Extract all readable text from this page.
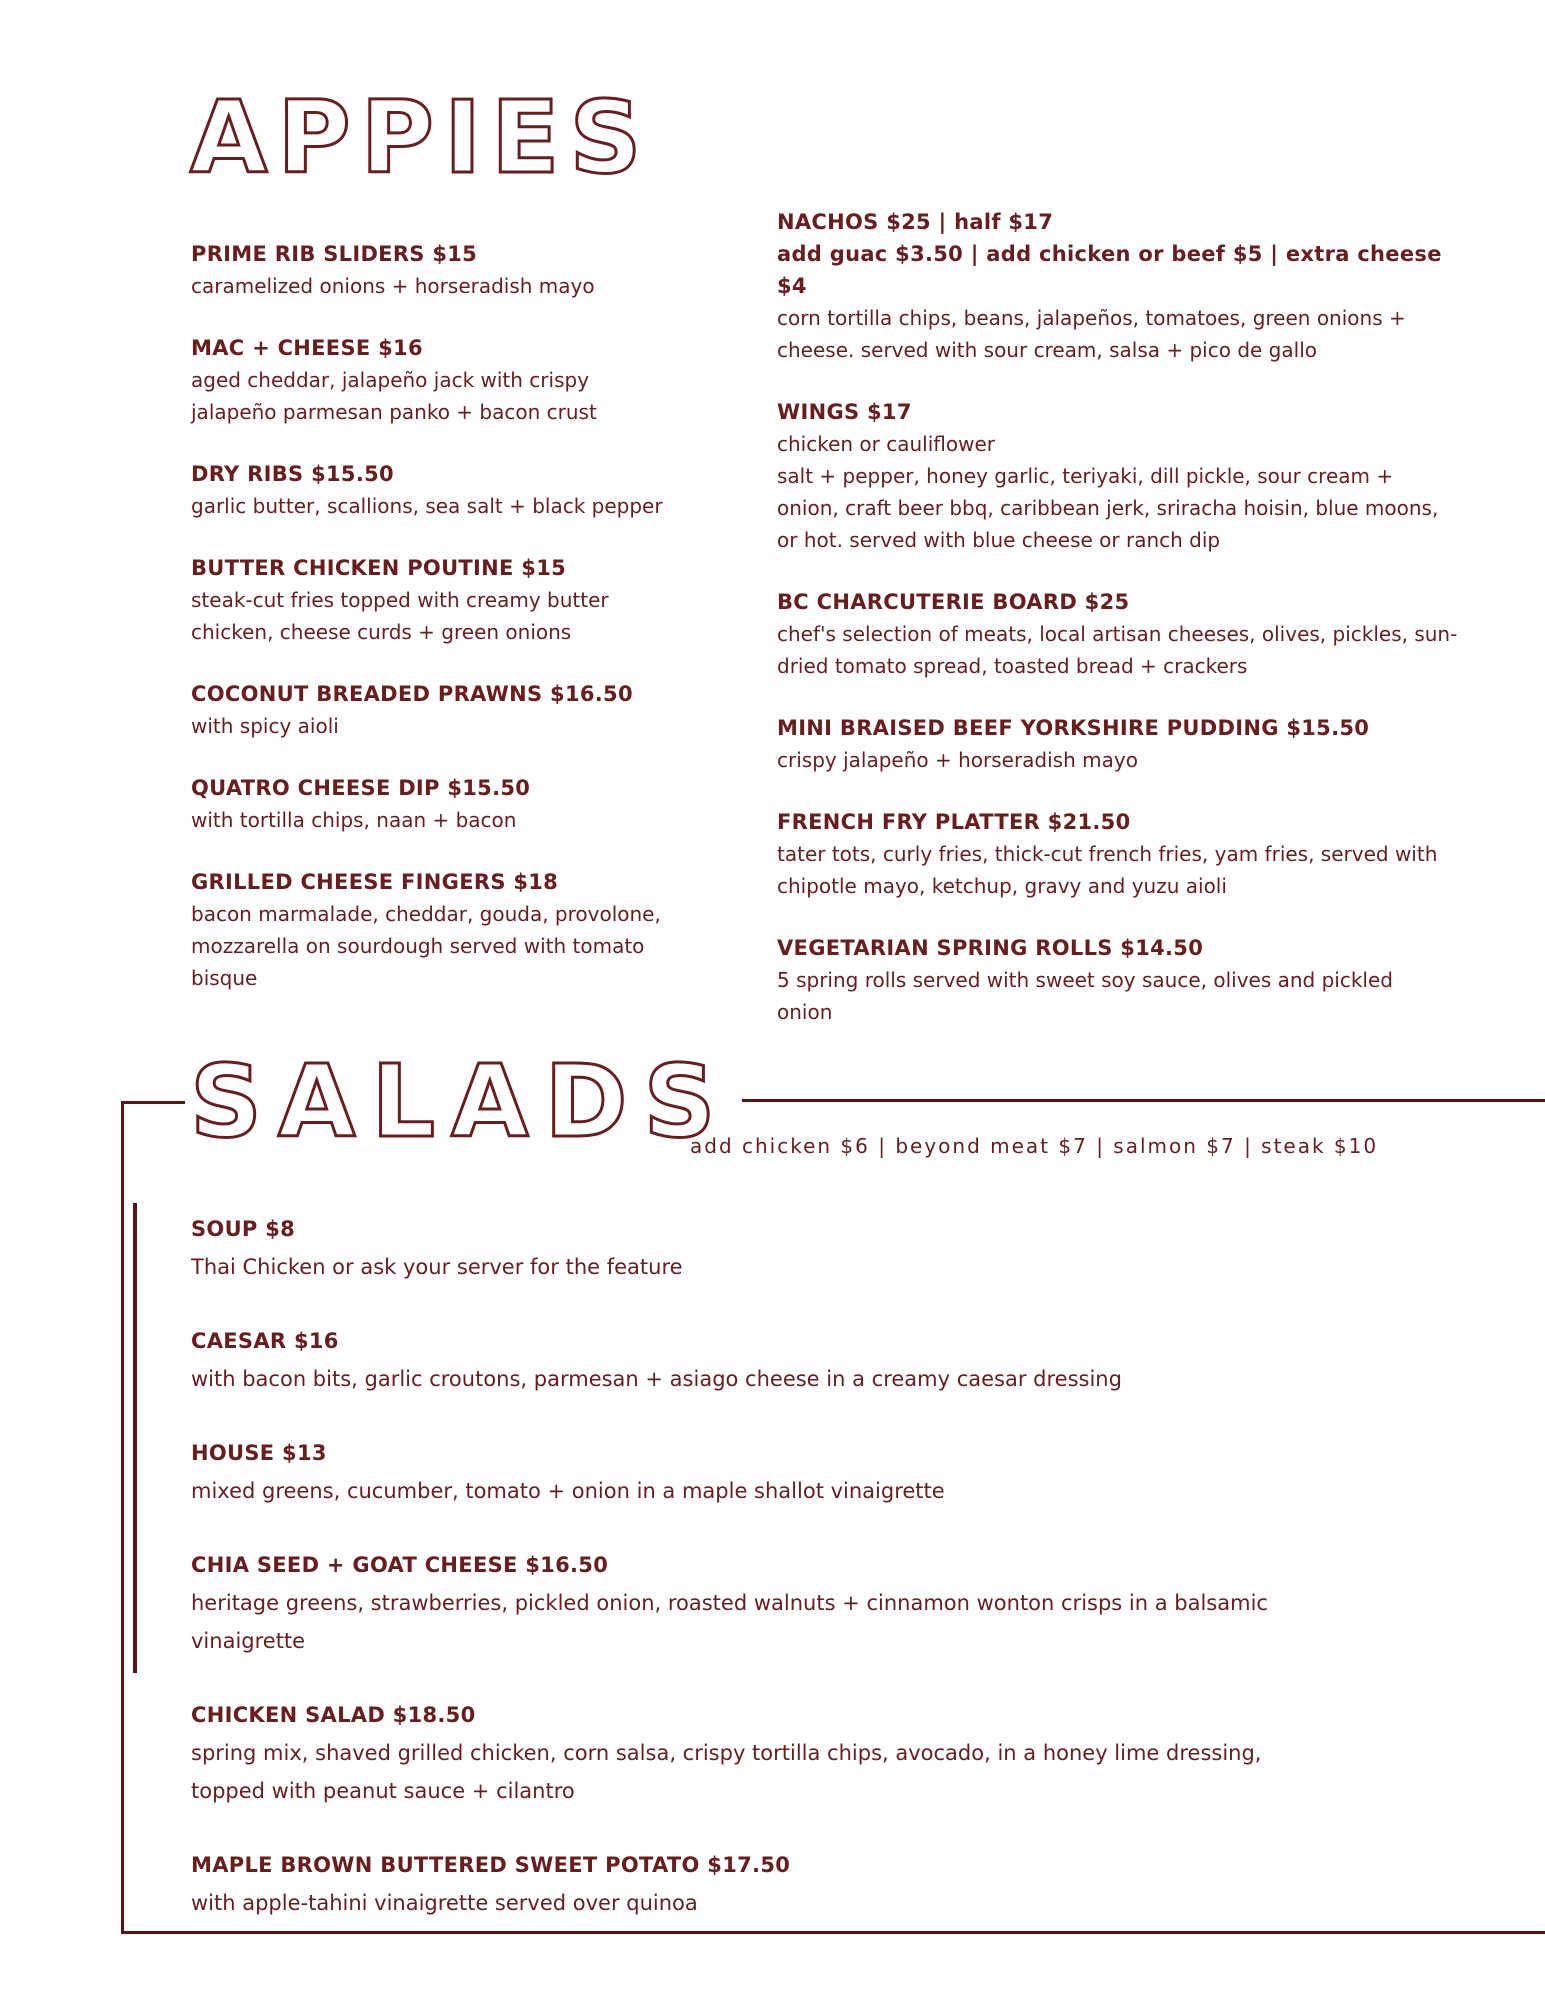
APPIES

PRIME RIB SLIDERS $15

caramelized onions + horseradish mayo

MAC + CHEESE $16

aged cheddar, jalapeño jack with crispy

jalapeño parmesan panko + bacon crust

DRY RIBS $15.50

garlic butter, scallions, sea salt + black pepper

BUTTER CHICKEN POUTINE $15

steak-cut fries topped with creamy butter

chicken, cheese curds + green onions

COCONUT BREADED PRAWNS $16.50

with spicy aioli

QUATRO CHEESE DIP $15.50

with tortilla chips, naan + bacon

GRILLED CHEESE FINGERS $18

bacon marmalade, cheddar, gouda, provolone,

mozzarella on sourdough served with tomato

bisque

NACHOS $25 | half $17

add guac $3.50 | add chicken or beef $5 | extra cheese $4

corn tortilla chips, beans, jalapeños, tomatoes, green onions +

cheese. served with sour cream, salsa + pico de gallo

WINGS $17

chicken or cauliflower

salt + pepper, honey garlic, teriyaki, dill pickle, sour cream +

onion, craft beer bbq, caribbean jerk, sriracha hoisin, blue moons,

or hot. served with blue cheese or ranch dip

BC CHARCUTERIE BOARD $25

chef's selection of meats, local artisan cheeses, olives, pickles, sun-

dried tomato spread, toasted bread + crackers

MINI BRAISED BEEF YORKSHIRE PUDDING $15.50

crispy jalapeño + horseradish mayo

FRENCH FRY PLATTER $21.50

tater tots, curly fries, thick-cut french fries, yam fries, served with

chipotle mayo, ketchup, gravy and yuzu aioli

VEGETARIAN SPRING ROLLS $14.50

5 spring rolls served with sweet soy sauce, olives and pickled

onion

SALADS

add chicken $6 | beyond meat $7 | salmon $7 | steak $10

SOUP $8

Thai Chicken or ask your server for the feature

CAESAR $16

with bacon bits, garlic croutons, parmesan + asiago cheese in a creamy caesar dressing

HOUSE $13

mixed greens, cucumber, tomato + onion in a maple shallot vinaigrette

CHIA SEED + GOAT CHEESE $16.50

heritage greens, strawberries, pickled onion, roasted walnuts + cinnamon wonton crisps in a balsamic

vinaigrette

CHICKEN SALAD $18.50

spring mix, shaved grilled chicken, corn salsa, crispy tortilla chips, avocado, in a honey lime dressing,

topped with peanut sauce + cilantro

MAPLE BROWN BUTTERED SWEET POTATO $17.50

with apple-tahini vinaigrette served over quinoa
